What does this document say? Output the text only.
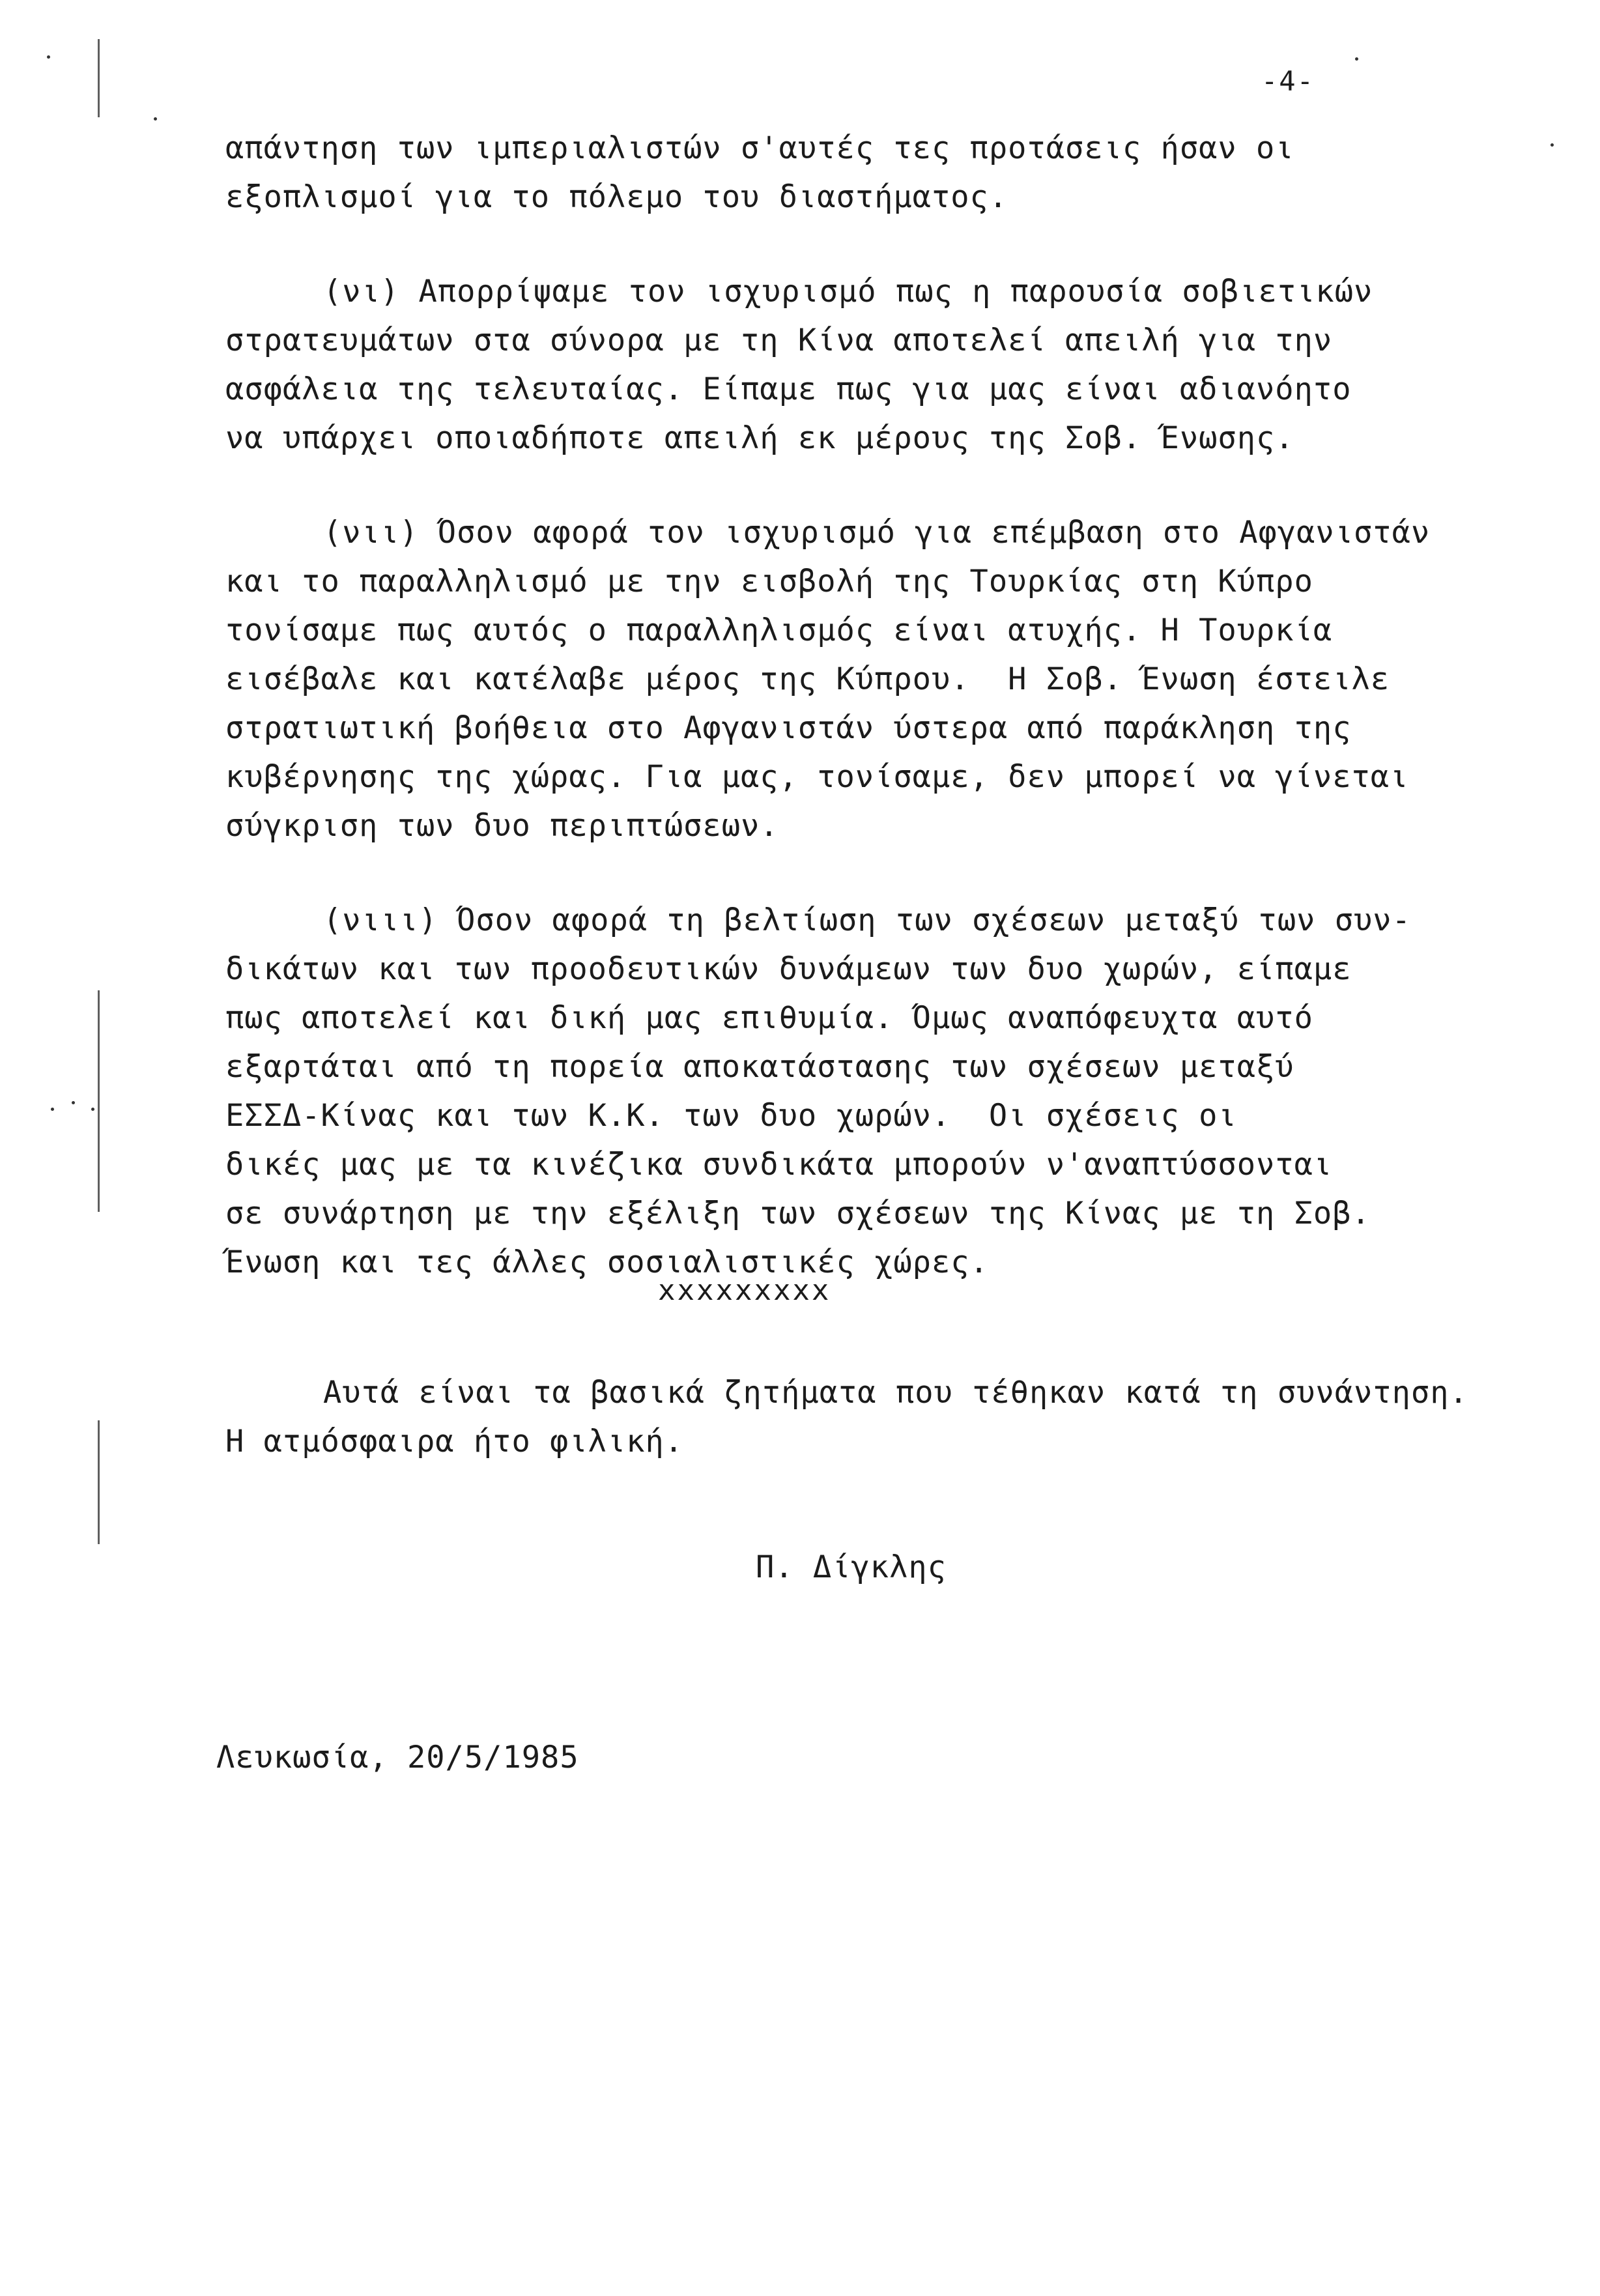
-4-
απάντηση των ιμπεριαλιστών σ'αυτές τες προτάσεις ήσαν οι
εξοπλισμοί για το πόλεμο του διαστήματος.
(νι) Απορρίψαμε τον ισχυρισμό πως η παρουσία σοβιετικών
στρατευμάτων στα σύνορα με τη Κίνα αποτελεί απειλή για την
ασφάλεια της τελευταίας. Είπαμε πως για μας είναι αδιανόητο
να υπάρχει οποιαδήποτε απειλή εκ μέρους της Σοβ. Ένωσης.
(νιι) Όσον αφορά τον ισχυρισμό για επέμβαση στο Αφγανιστάν
και το παραλληλισμό με την εισβολή της Τουρκίας στη Κύπρο
τονίσαμε πως αυτός ο παραλληλισμός είναι ατυχής. Η Τουρκία
εισέβαλε και κατέλαβε μέρος της Κύπρου.  Η Σοβ. Ένωση έστειλε
στρατιωτική βοήθεια στο Αφγανιστάν ύστερα από παράκληση της
κυβέρνησης της χώρας. Για μας, τονίσαμε, δεν μπορεί να γίνεται
σύγκριση των δυο περιπτώσεων.
(νιιι) Όσον αφορά τη βελτίωση των σχέσεων μεταξύ των συν-
δικάτων και των προοδευτικών δυνάμεων των δυο χωρών, είπαμε
πως αποτελεί και δική μας επιθυμία. Όμως αναπόφευχτα αυτό
εξαρτάται από τη πορεία αποκατάστασης των σχέσεων μεταξύ
ΕΣΣΔ-Κίνας και των Κ.Κ. των δυο χωρών.  Οι σχέσεις οι
δικές μας με τα κινέζικα συνδικάτα μπορούν ν'αναπτύσσονται
σε συνάρτηση με την εξέλιξη των σχέσεων της Κίνας με τη Σοβ.
Ένωση και τες άλλες σοσιαλιστικές χώρες.
xxxxxxxxx
Αυτά είναι τα βασικά ζητήματα που τέθηκαν κατά τη συνάντηση.
Η ατμόσφαιρα ήτο φιλική.
Π. Δίγκλης
Λευκωσία, 20/5/1985
